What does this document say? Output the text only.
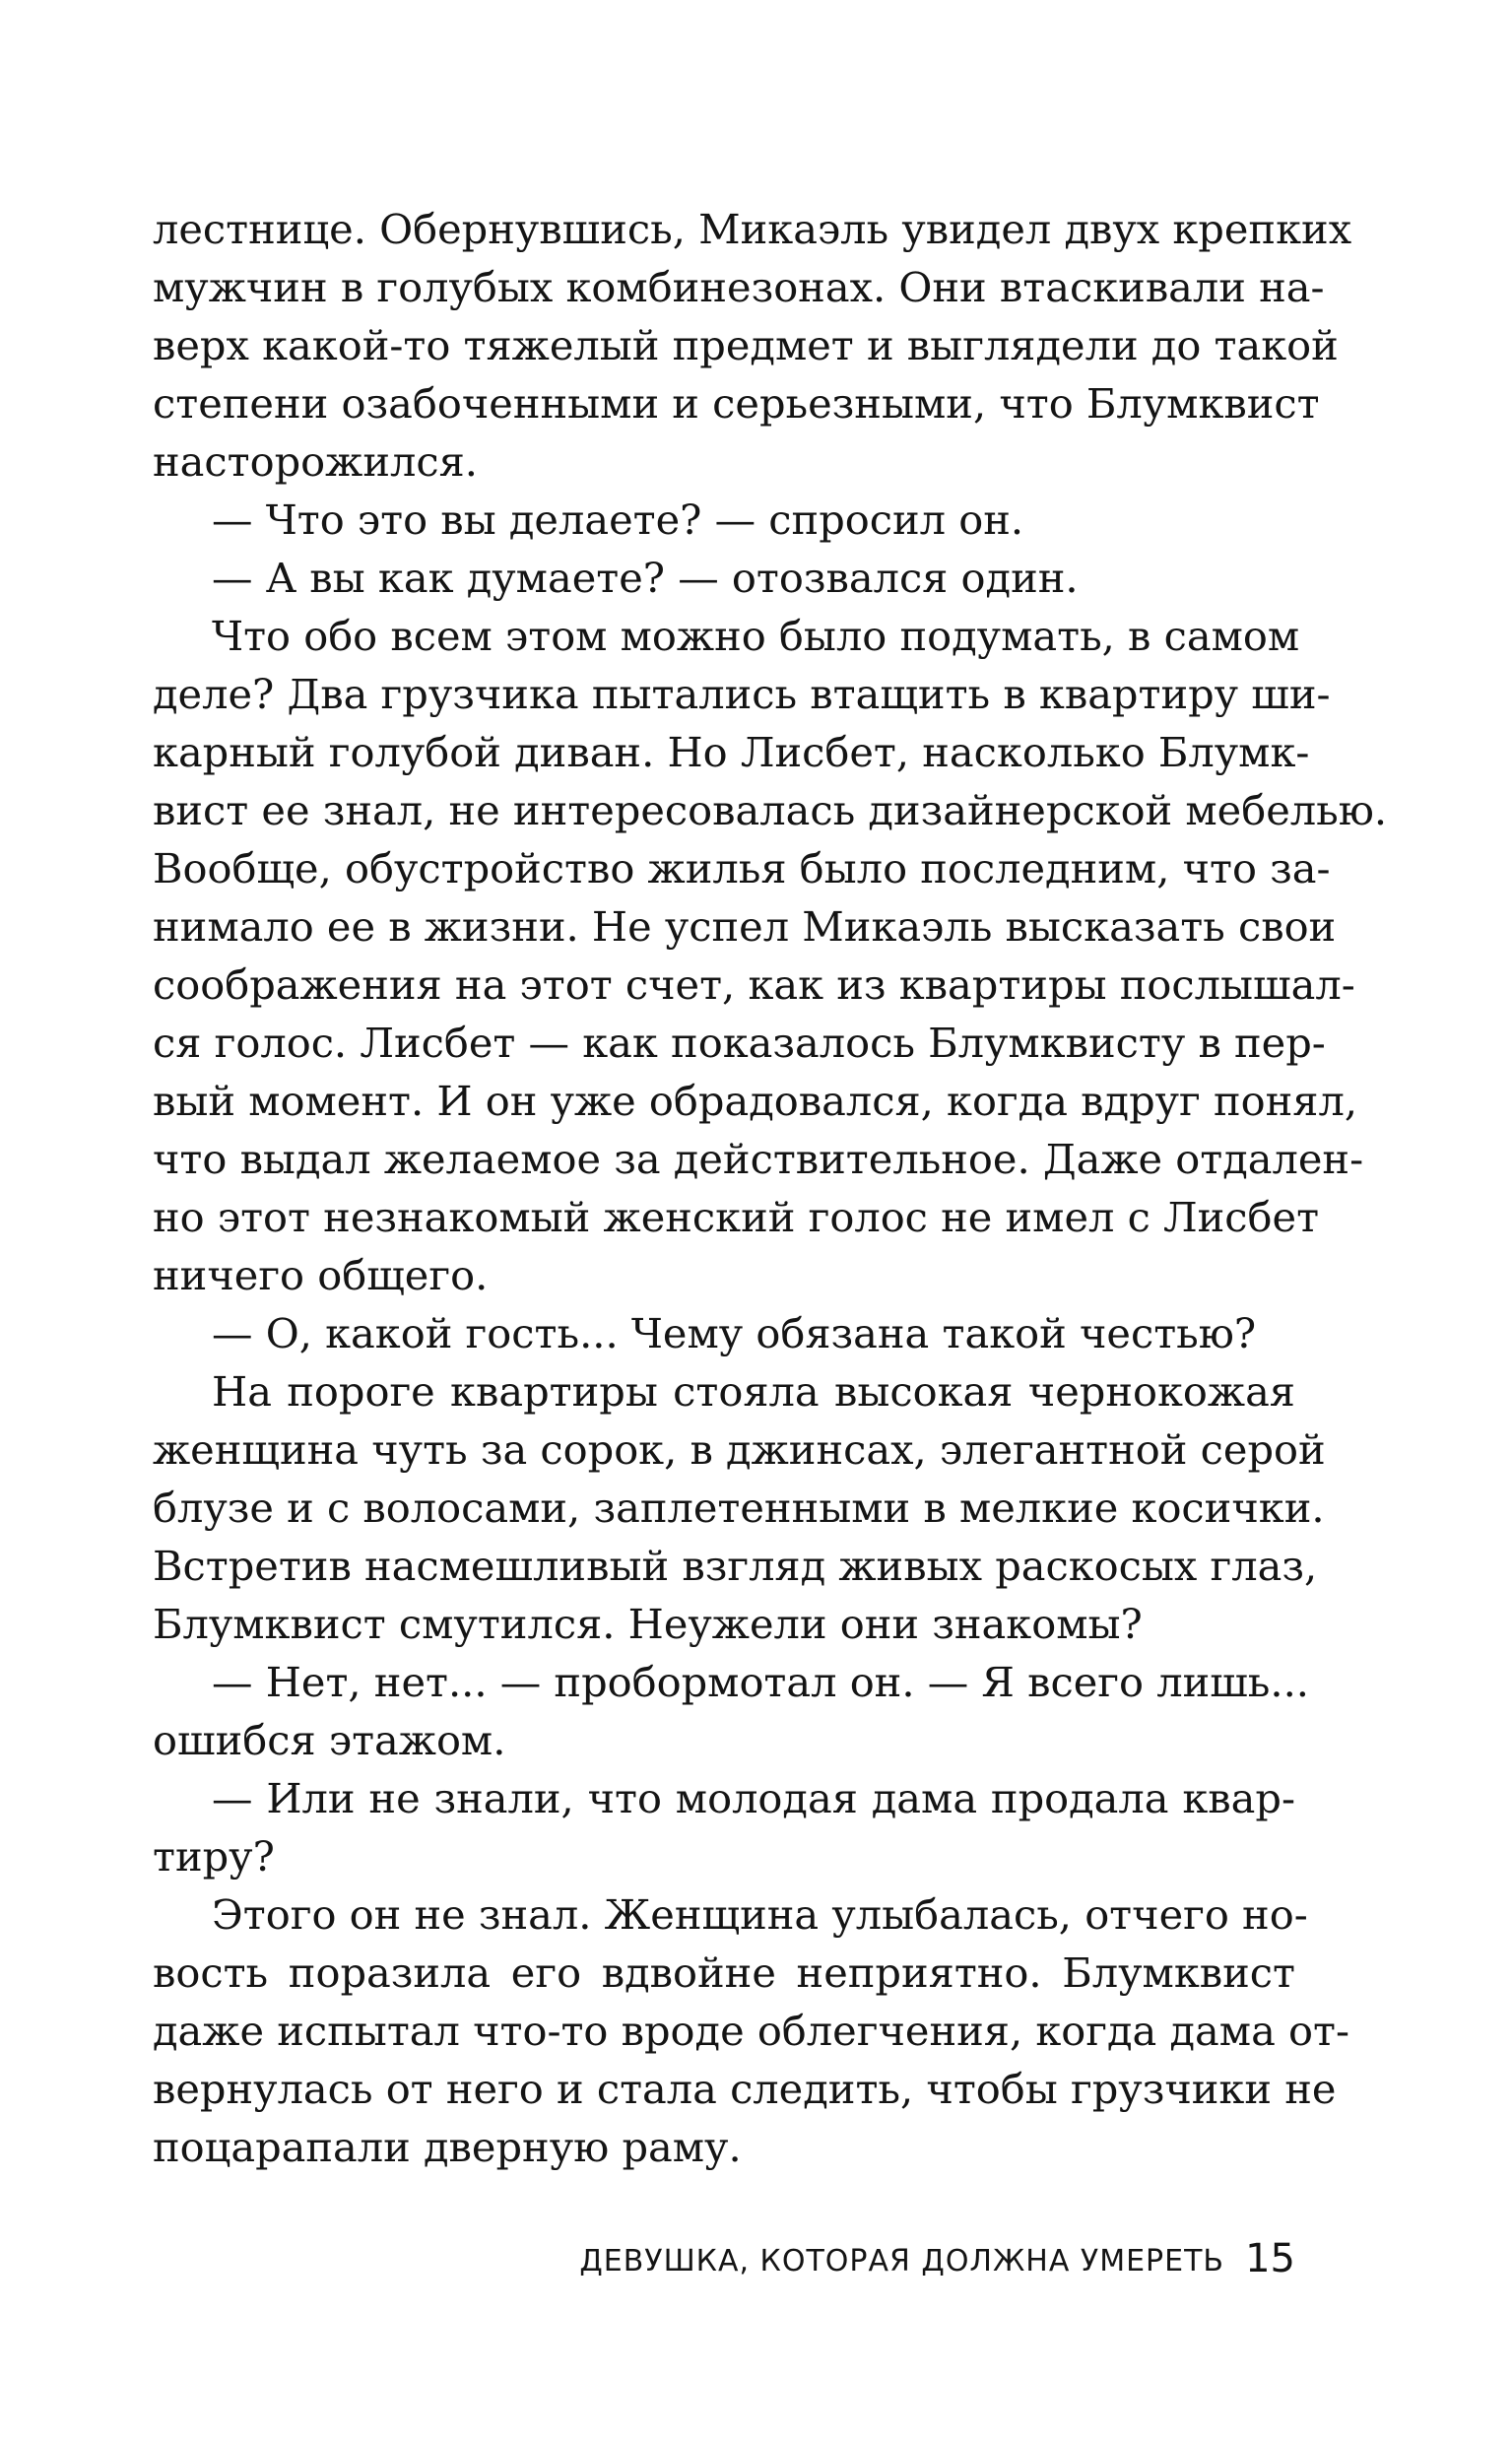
лестнице. Обернувшись, Микаэль увидел двух крепких
мужчин в голубых комбинезонах. Они втаскивали на-
верх какой-то тяжелый предмет и выглядели до такой
степени озабоченными и серьезными, что Блумквист
насторожился.
— Что это вы делаете? — спросил он.
— А вы как думаете? — отозвался один.
Что обо всем этом можно было подумать, в самом
деле? Два грузчика пытались втащить в квартиру ши-
карный голубой диван. Но Лисбет, насколько Блумк-
вист ее знал, не интересовалась дизайнерской мебелью.
Вообще, обустройство жилья было последним, что за-
нимало ее в жизни. Не успел Микаэль высказать свои
соображения на этот счет, как из квартиры послышал-
ся голос. Лисбет — как показалось Блумквисту в пер-
вый момент. И он уже обрадовался, когда вдруг понял,
что выдал желаемое за действительное. Даже отдален-
но этот незнакомый женский голос не имел с Лисбет
ничего общего.
— О, какой гость... Чему обязана такой честью?
На пороге квартиры стояла высокая чернокожая
женщина чуть за сорок, в джинсах, элегантной серой
блузе и с волосами, заплетенными в мелкие косички.
Встретив насмешливый взгляд живых раскосых глаз,
Блумквист смутился. Неужели они знакомы?
— Нет, нет... — пробормотал он. — Я всего лишь...
ошибся этажом.
— Или не знали, что молодая дама продала квар-
тиру?
Этого он не знал. Женщина улыбалась, отчего но-
вость поразила его вдвойне неприятно. Блумквист
даже испытал что-то вроде облегчения, когда дама от-
вернулась от него и стала следить, чтобы грузчики не
поцарапали дверную раму.
ДЕВУШКА, КОТОРАЯ ДОЛЖНА УМЕРЕТЬ 15
